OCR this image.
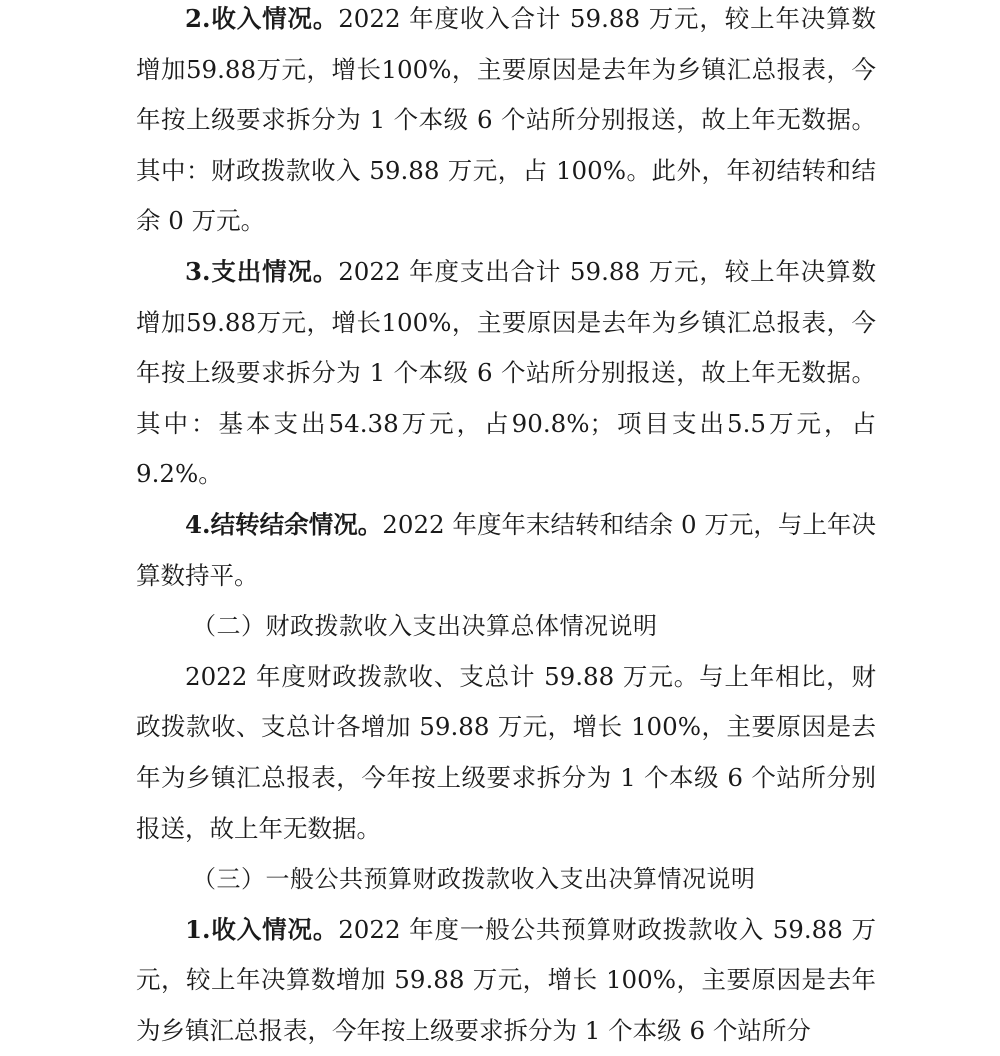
2.收入情况。2022 年度收入合计 59.88 万元，较上年决算数增加59.88万元，增长100%，主要原因是去年为乡镇汇总报表，今年按上级要求拆分为 1 个本级 6 个站所分别报送，故上年无数据。其中：财政拨款收入 59.88 万元，占 100%。此外，年初结转和结余 0 万元。

3.支出情况。2022 年度支出合计 59.88 万元，较上年决算数增加59.88万元，增长100%，主要原因是去年为乡镇汇总报表，今年按上级要求拆分为 1 个本级 6 个站所分别报送，故上年无数据。其中：基本支出54.38万元，占90.8%；项目支出5.5万元，占 9.2%。

4.结转结余情况。2022 年度年末结转和结余 0 万元，与上年决算数持平。

（二）财政拨款收入支出决算总体情况说明

2022 年度财政拨款收、支总计 59.88 万元。与上年相比，财政拨款收、支总计各增加 59.88 万元，增长 100%，主要原因是去年为乡镇汇总报表，今年按上级要求拆分为 1 个本级 6 个站所分别报送，故上年无数据。

（三）一般公共预算财政拨款收入支出决算情况说明

1.收入情况。2022 年度一般公共预算财政拨款收入 59.88 万元，较上年决算数增加 59.88 万元，增长 100%，主要原因是去年为乡镇汇总报表，今年按上级要求拆分为 1 个本级 6 个站所分
